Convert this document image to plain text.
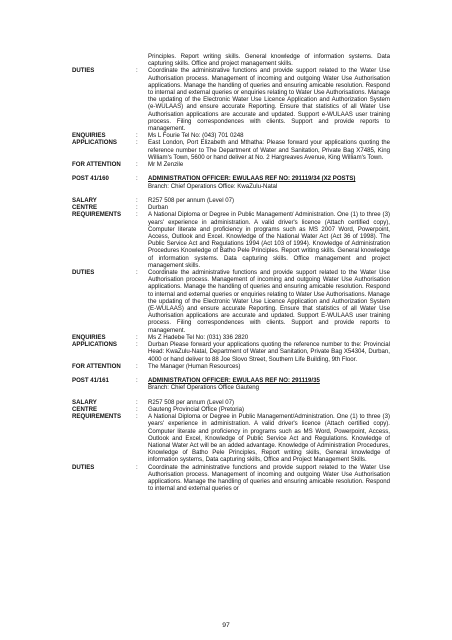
Principles. Report writing skills. General knowledge of information systems. Data capturing skills. Office and project management skills.
DUTIES	:	Coordinate the administrative functions and provide support related to the Water Use Authorisation process. Management of incoming and outgoing Water Use Authorisation applications. Manage the handling of queries and ensuring amicable resolution. Respond to internal and external queries or enquiries relating to Water Use Authorisations. Manage the updating of the Electronic Water Use Licence Application and Authorization System (e-WULAAS) and ensure accurate Reporting. Ensure that statistics of all Water Use Authorisation applications are accurate and updated. Support e-WULAAS user training process. Filing correspondences with clients. Support and provide reports to management.
ENQUIRIES	:	Ms L Fourie Tel No: (043) 701 0248
APPLICATIONS	:	East London, Port Elizabeth and Mthatha: Please forward your applications quoting the reference number to The Department of Water and Sanitation, Private Bag X7485, King William's Town, 5600 or hand deliver at No. 2 Hargreaves Avenue, King William's Town.
FOR ATTENTION	:	Mr M Zenzile
POST 41/160	:	ADMINISTRATION OFFICER: EWULAAS REF NO: 291119/34 (X2 POSTS)
Branch: Chief Operations Office: KwaZulu-Natal
SALARY	:	R257 508 per annum (Level 07)
CENTRE	:	Durban
REQUIREMENTS	:	A National Diploma or Degree in Public Management/ Administration. One (1) to three (3) years' experience in administration. A valid driver's licence (Attach certified copy), Computer literate and proficiency in programs such as MS 2007 Word, Powerpoint, Access, Outlook and Excel. Knowledge of the National Water Act (Act 36 of 1998). The Public Service Act and Regulations 1994 (Act 103 of 1994). Knowledge of Administration Procedures Knowledge of Batho Pele Principles. Report writing skills. General knowledge of information systems. Data capturing skills. Office management and project management skills.
DUTIES	:	Coordinate the administrative functions and provide support related to the Water Use Authorisation process. Management of incoming and outgoing Water Use Authorisation applications. Manage the handling of queries and ensuring amicable resolution. Respond to internal and external queries or enquiries relating to Water Use Authorisations. Manage the updating of the Electronic Water Use Licence Application and Authorization System (E-WULAAS) and ensure accurate Reporting. Ensure that statistics of all Water Use Authorisation applications are accurate and updated. Support E-WULAAS user training process. Filing correspondences with clients. Support and provide reports to management.
ENQUIRIES	:	Ms Z Hadebe Tel No: (031) 336 2820
APPLICATIONS	:	Durban Please forward your applications quoting the reference number to the: Provincial Head: KwaZulu-Natal, Department of Water and Sanitation, Private Bag X54304, Durban, 4000 or hand deliver to 88 Joe Slovo Street, Southern Life Building, 9th Floor.
FOR ATTENTION	:	The Manager (Human Resources)
POST 41/161	:	ADMINISTRATION OFFICER: EWULAAS REF NO: 291119/35
Branch: Chief Operations Office Gauteng
SALARY	:	R257 508 per annum (Level 07)
CENTRE	:	Gauteng Provincial Office (Pretoria)
REQUIREMENTS	:	A National Diploma or Degree in Public Management/Administration. One (1) to three (3) years' experience in administration. A valid driver's licence (Attach certified copy). Computer literate and proficiency in programs such as MS Word, Powerpoint, Access, Outlook and Excel, Knowledge of Public Service Act and Regulations. Knowledge of National Water Act will be an added advantage. Knowledge of Administration Procedures, Knowledge of Batho Pele Principles, Report writing skills, General knowledge of information systems, Data capturing skills, Office and Project Management Skills.
DUTIES	:	Coordinate the administrative functions and provide support related to the Water Use Authorisation process. Management of incoming and outgoing Water Use Authorisation applications. Manage the handling of queries and ensuring amicable resolution. Respond to internal and external queries or
97
